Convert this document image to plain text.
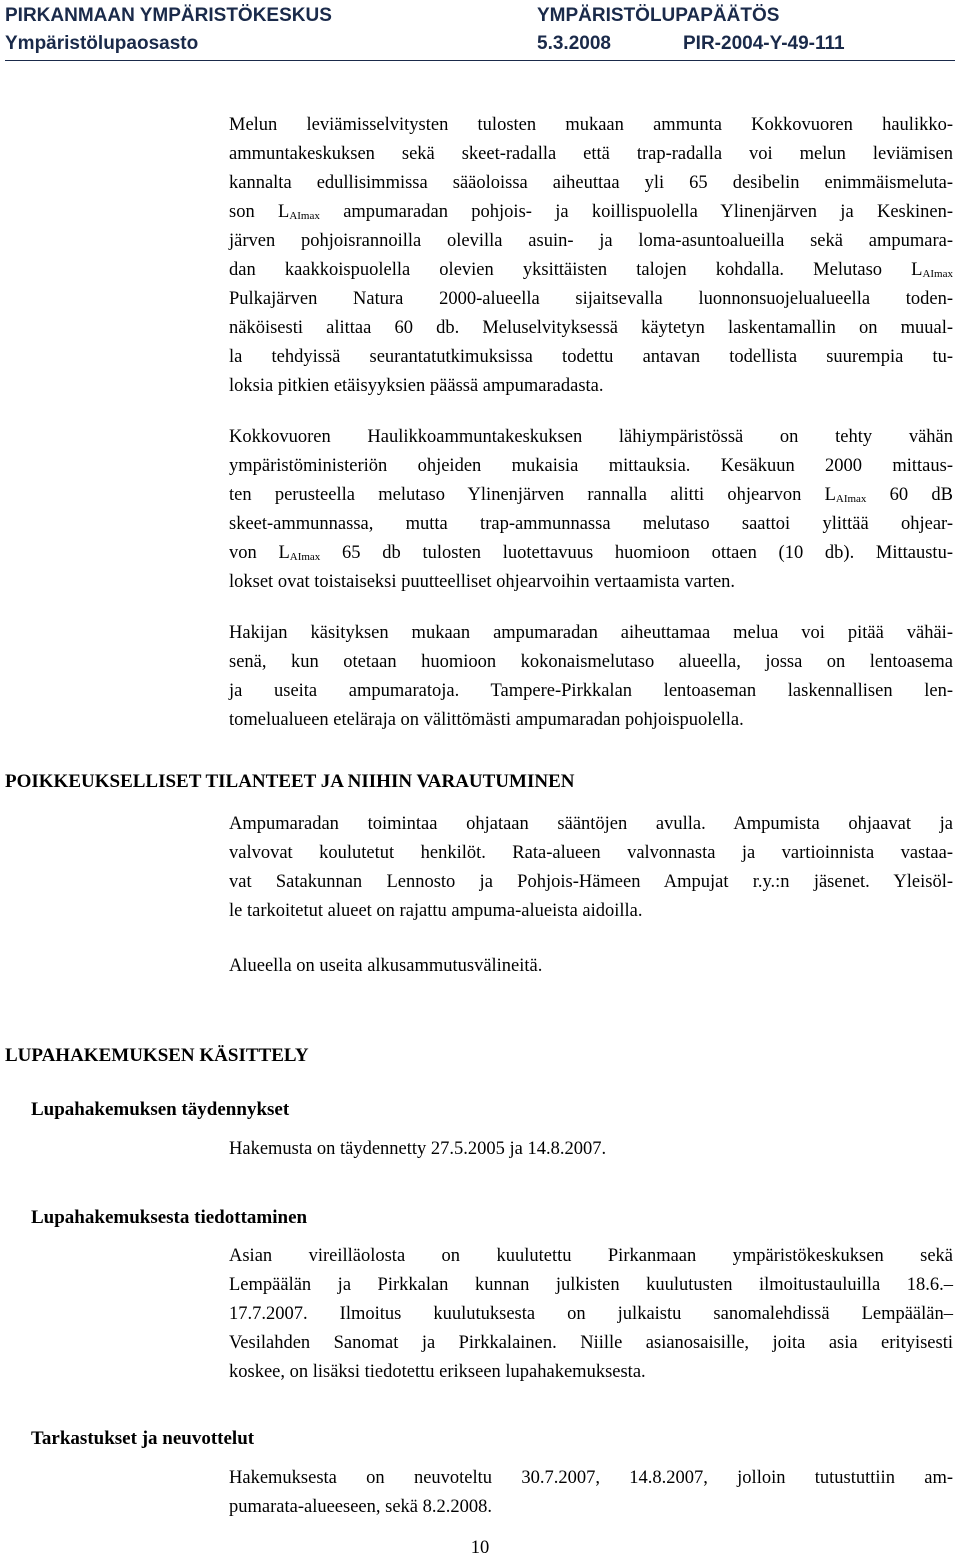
PIRKANMAAN YMPÄRISTÖKESKUS	YMPÄRISTÖLUPAPÄÄTÖS
Ympäristölupaosasto	5.3.2008	PIR-2004-Y-49-111
Melun leviämisselvitysten tulosten mukaan ammunta Kokkovuoren haulikko-
ammuntakeskuksen sekä skeet-radalla että trap-radalla voi melun leviämisen
kannalta edullisimmissa sääoloissa aiheuttaa yli 65 desibelin enimmäismeluta-
son $L_{AImax}$ ampumaradan pohjois- ja koillispuolella Ylinenjärven ja Keskinen-
järven pohjoisrannoilla olevilla asuin- ja loma-asuntoalueilla sekä ampumara-
dan kaakkoispuolella olevien yksittäisten talojen kohdalla. Melutaso $L_{AImax}$
Pulkajärven Natura 2000-alueella sijaitsevalla luonnonsuojelualueella toden-
näköisesti alittaa 60 db. Meluselvityksessä käytetyn laskentamallin on muual-
la tehdyissä seurantatutkimuksissa todettu antavan todellista suurempia tu-
loksia pitkien etäisyyksien päässä ampumaradasta.
Kokkovuoren Haulikkoammuntakeskuksen lähiympäristössä on tehty vähän
ympäristöministeriön ohjeiden mukaisia mittauksia. Kesäkuun 2000 mittaus-
ten perusteella melutaso Ylinenjärven rannalla alitti ohjearvon $L_{AImax}$ 60 dB
skeet-ammunnassa, mutta trap-ammunnassa melutaso saattoi ylittää ohjear-
von $L_{AImax}$ 65 db tulosten luotettavuus huomioon ottaen (10 db). Mittaustu-
lokset ovat toistaiseksi puutteelliset ohjearvoihin vertaamista varten.
Hakijan käsityksen mukaan ampumaradan aiheuttamaa melua voi pitää vähäi-
senä, kun otetaan huomioon kokonaismelutaso alueella, jossa on lentoasema
ja useita ampumaratoja. Tampere-Pirkkalan lentoaseman laskennallisen len-
tomelualueen eteläraja on välittömästi ampumaradan pohjoispuolella.
POIKKEUKSELLISET TILANTEET JA NIIHIN VARAUTUMINEN
Ampumaradan toimintaa ohjataan sääntöjen avulla. Ampumista ohjaavat ja
valvovat koulutetut henkilöt. Rata-alueen valvonnasta ja vartioinnista vastaa-
vat Satakunnan Lennosto ja Pohjois-Hämeen Ampujat r.y.:n jäsenet. Yleisöl-
le tarkoitetut alueet on rajattu ampuma-alueista aidoilla.
Alueella on useita alkusammutusvälineitä.
LUPAHAKEMUKSEN KÄSITTELY
Lupahakemuksen täydennykset
Hakemusta on täydennetty 27.5.2005 ja 14.8.2007.
Lupahakemuksesta tiedottaminen
Asian vireilläolosta on kuulutettu Pirkanmaan ympäristökeskuksen sekä
Lempäälän ja Pirkkalan kunnan julkisten kuulutusten ilmoitustauluilla 18.6.–
17.7.2007. Ilmoitus kuulutuksesta on julkaistu sanomalehdissä Lempäälän–
Vesilahden Sanomat ja Pirkkalainen. Niille asianosaisille, joita asia erityisesti
koskee, on lisäksi tiedotettu erikseen lupahakemuksesta.
Tarkastukset ja neuvottelut
Hakemuksesta on neuvoteltu 30.7.2007, 14.8.2007, jolloin tutustuttiin am-
pumarata-alueeseen, sekä 8.2.2008.
10
